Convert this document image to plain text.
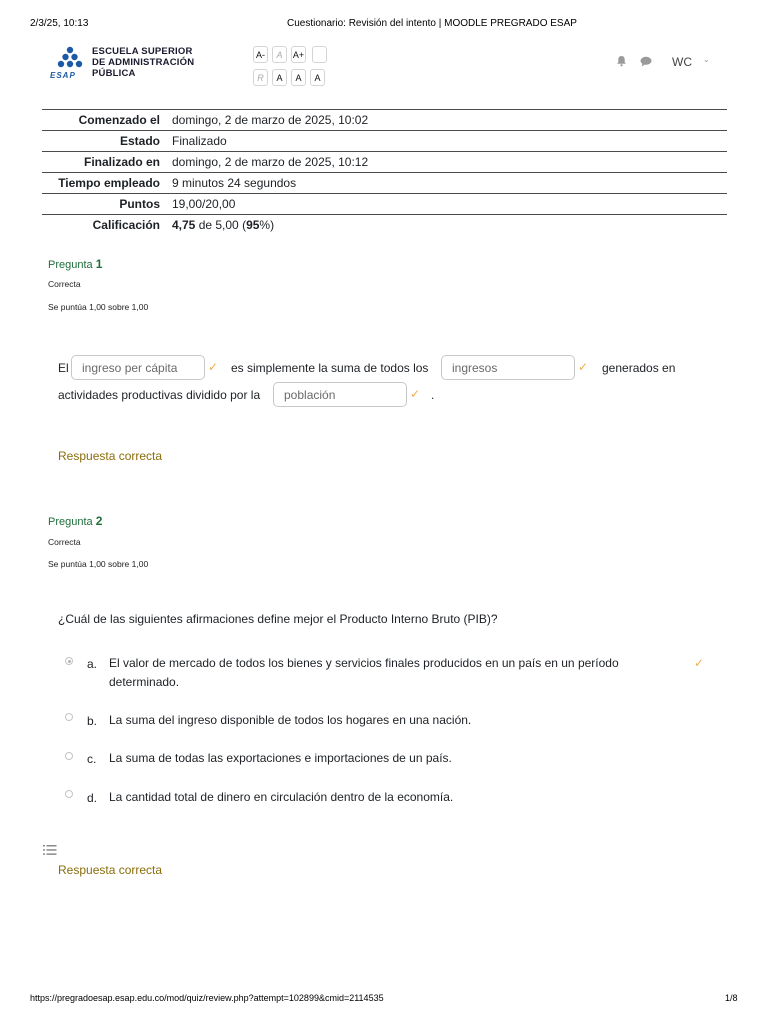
2/3/25, 10:13	Cuestionario: Revisión del intento | MOODLE PREGRADO ESAP
ESAP
ESCUELA SUPERIOR
DE ADMINISTRACIÓN
PÚBLICA
A-	A	A+
R	A	A	A
WC ⌄
Comenzado el	domingo, 2 de marzo de 2025, 10:02
Estado	Finalizado
Finalizado en	domingo, 2 de marzo de 2025, 10:12
Tiempo empleado	9 minutos 24 segundos
Puntos	19,00/20,00
Calificación	4,75 de 5,00 (95%)
Pregunta 1
Correcta
Se puntúa 1,00 sobre 1,00
El	ingreso per cápita	✓ es simplemente la suma de todos los	ingresos	✓ generados en
actividades productivas dividido por la	población	✓ .
Respuesta correcta
Pregunta 2
Correcta
Se puntúa 1,00 sobre 1,00
¿Cuál de las siguientes afirmaciones define mejor el Producto Interno Bruto (PIB)?
a. El valor de mercado de todos los bienes y servicios finales producidos en un país en un período
determinado.
✓
b. La suma del ingreso disponible de todos los hogares en una nación.
c. La suma de todas las exportaciones e importaciones de un país.
d. La cantidad total de dinero en circulación dentro de la economía.
Respuesta correcta
https://pregradoesap.esap.edu.co/mod/quiz/review.php?attempt=102899&cmid=2114535	1/8
